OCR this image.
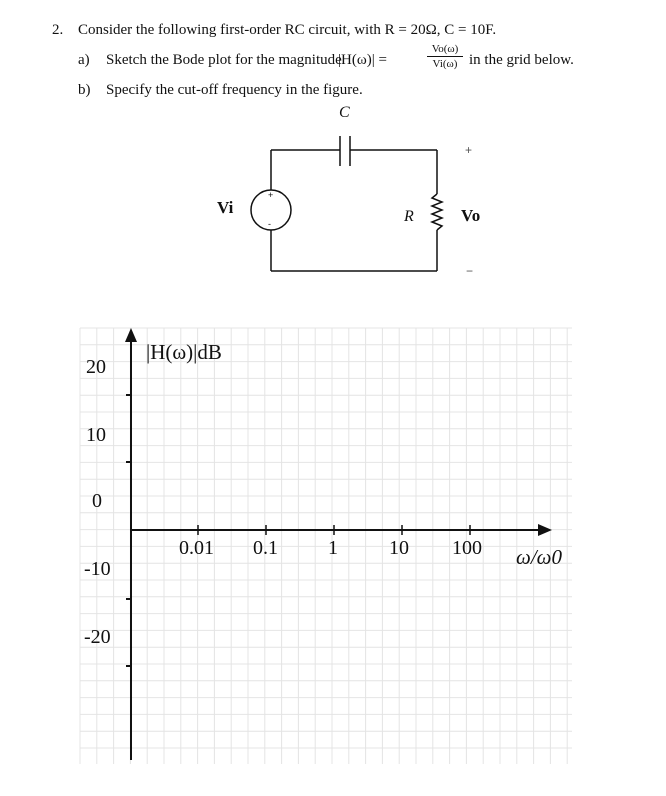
2. Consider the following first-order RC circuit, with R = 20Ω, C = 10F.
a) Sketch the Bode plot for the magnitude
|H(ω)| =	$\frac{Vo(\omega)}{Vi(\omega)}$ in the grid below.
b) Specify the cut-off frequency in the figure.
+
-
C
R
Vi	Vo
+
−
|H(ω)|dB
ω/ω0
20
10
0
-10
-20
0.01 0.1	1	10 100
